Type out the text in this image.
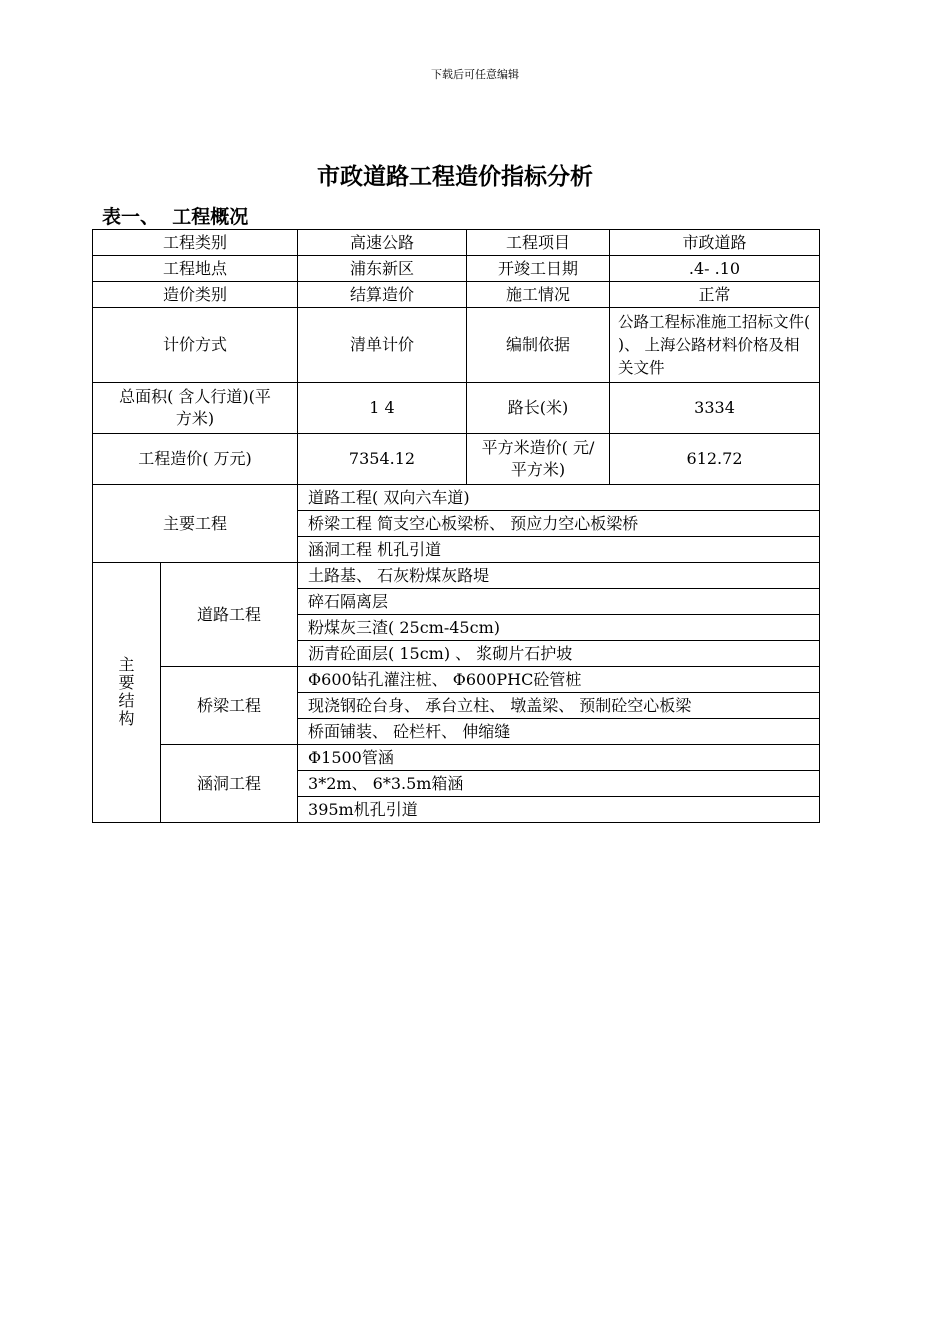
下载后可任意编辑
市政道路工程造价指标分析
表一、  工程概况
工程类别		高速公路	工程项目	市政道路
工程地点		浦东新区	开竣工日期	.4- .10
造价类别		结算造价	施工情况	正常
计价方式		清单计价	编制依据	公路工程标准施工招标文件( )、 上海公路材料价格及相关文件
总面积( 含人行道)(平方米)		1 4	路长(米)	3334
工程造价( 万元)		7354.12	平方米造价( 元/平方米)	612.72
主要工程		道路工程( 双向六车道)		
		桥梁工程 简支空心板梁桥、 预应力空心板梁桥		
		涵洞工程 机孔引道		
主要结构	道路工程	土路基、 石灰粉煤灰路堤		
		碎石隔离层		
		粉煤灰三渣( 25cm-45cm)		
		沥青砼面层( 15cm) 、 浆砌片石护坡		
	桥梁工程	Φ600钻孔灌注桩、 Φ600PHC砼管桩		
		现浇钢砼台身、 承台立柱、 墩盖梁、 预制砼空心板梁		
		桥面铺装、 砼栏杆、 伸缩缝		
	涵洞工程	Φ1500管涵		
		3*2m、 6*3.5m箱涵		
		395m机孔引道		
